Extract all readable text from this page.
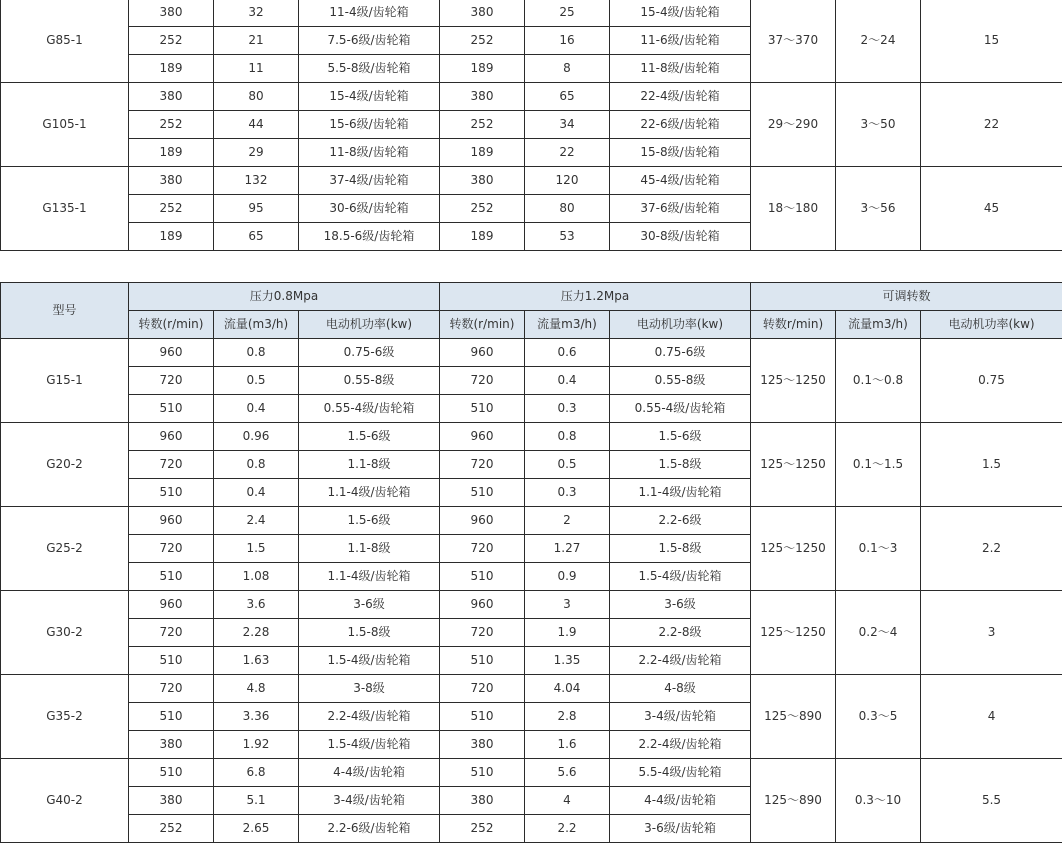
G85-1	380	32	11-4级/齿轮箱	380	25	15-4级/齿轮箱	37～370	2～24	15
	252	21	7.5-6级/齿轮箱	252	16	11-6级/齿轮箱			
	189	11	5.5-8级/齿轮箱	189	8	11-8级/齿轮箱			
G105-1	380	80	15-4级/齿轮箱	380	65	22-4级/齿轮箱	29～290	3～50	22
	252	44	15-6级/齿轮箱	252	34	22-6级/齿轮箱			
	189	29	11-8级/齿轮箱	189	22	15-8级/齿轮箱			
G135-1	380	132	37-4级/齿轮箱	380	120	45-4级/齿轮箱	18～180	3～56	45
	252	95	30-6级/齿轮箱	252	80	37-6级/齿轮箱			
	189	65	18.5-6级/齿轮箱	189	53	30-8级/齿轮箱			
型号	压力0.8Mpa			压力1.2Mpa			可调转数		
	转数(r/min)	流量(m3/h)	电动机功率(kw)	转数(r/min)	流量m3/h)	电动机功率(kw)	转数r/min)	流量m3/h)	电动机功率(kw)
G15-1	960	0.8	0.75-6级	960	0.6	0.75-6级	125～1250	0.1～0.8	0.75
	720	0.5	0.55-8级	720	0.4	0.55-8级			
	510	0.4	0.55-4级/齿轮箱	510	0.3	0.55-4级/齿轮箱			
G20-2	960	0.96	1.5-6级	960	0.8	1.5-6级	125～1250	0.1～1.5	1.5
	720	0.8	1.1-8级	720	0.5	1.5-8级			
	510	0.4	1.1-4级/齿轮箱	510	0.3	1.1-4级/齿轮箱			
G25-2	960	2.4	1.5-6级	960	2	2.2-6级	125～1250	0.1～3	2.2
	720	1.5	1.1-8级	720	1.27	1.5-8级			
	510	1.08	1.1-4级/齿轮箱	510	0.9	1.5-4级/齿轮箱			
G30-2	960	3.6	3-6级	960	3	3-6级	125～1250	0.2～4	3
	720	2.28	1.5-8级	720	1.9	2.2-8级			
	510	1.63	1.5-4级/齿轮箱	510	1.35	2.2-4级/齿轮箱			
G35-2	720	4.8	3-8级	720	4.04	4-8级	125～890	0.3～5	4
	510	3.36	2.2-4级/齿轮箱	510	2.8	3-4级/齿轮箱			
	380	1.92	1.5-4级/齿轮箱	380	1.6	2.2-4级/齿轮箱			
G40-2	510	6.8	4-4级/齿轮箱	510	5.6	5.5-4级/齿轮箱	125～890	0.3～10	5.5
	380	5.1	3-4级/齿轮箱	380	4	4-4级/齿轮箱			
	252	2.65	2.2-6级/齿轮箱	252	2.2	3-6级/齿轮箱			
